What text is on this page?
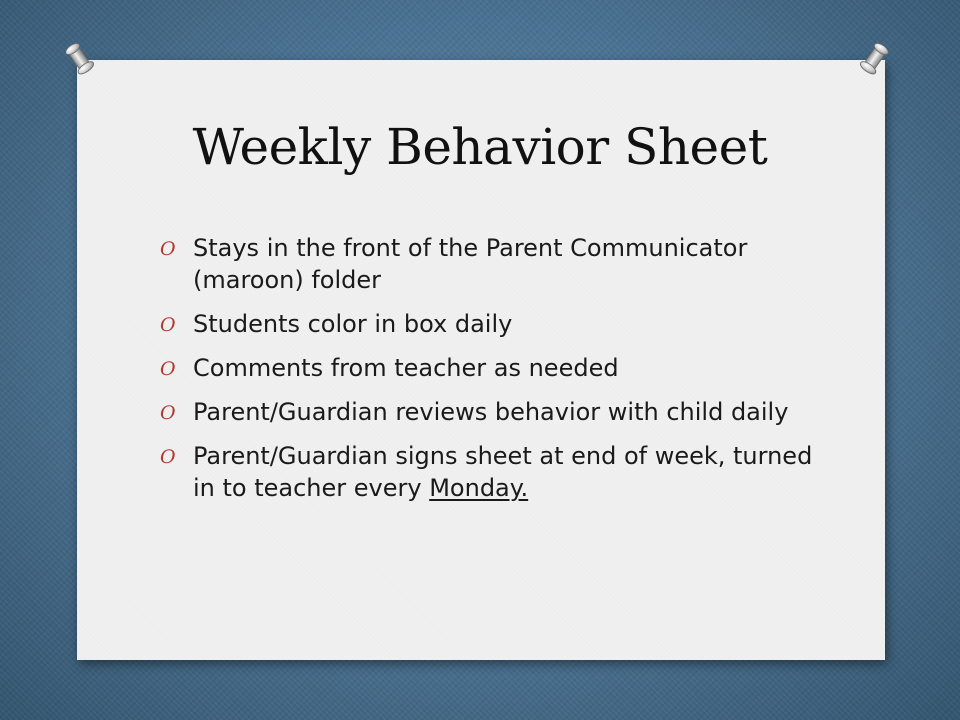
Weekly Behavior Sheet
O Stays in the front of the Parent Communicator (maroon) folder
O Students color in box daily
O Comments from teacher as needed
O Parent/Guardian reviews behavior with child daily
O Parent/Guardian signs sheet at end of week, turned in to teacher every Monday.
